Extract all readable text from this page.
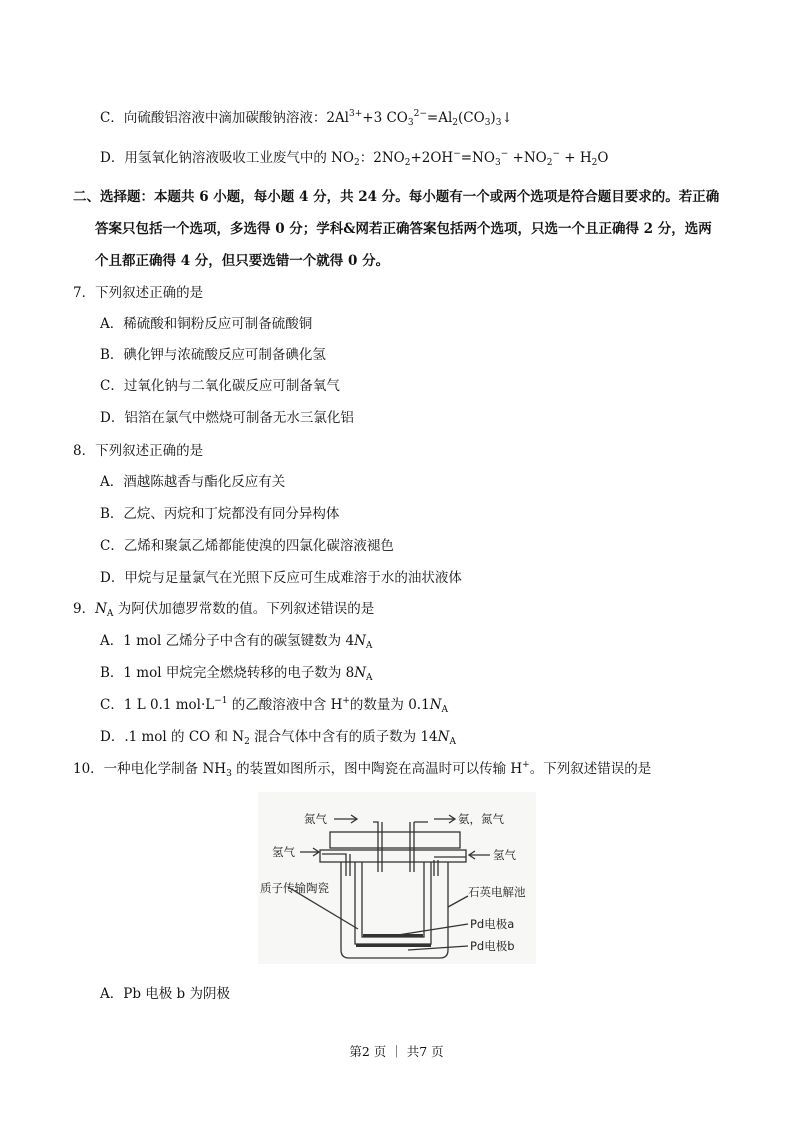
C．向硫酸铝溶液中滴加碳酸钠溶液：$2Al^{3+}+3$ $CO_3^{2-}=Al_2(CO_3)_3↓$
D．用氢氧化钠溶液吸收工业废气中的 $NO_2$：$2NO_2+2OH^-=NO_3^- +NO_2^- + H_2O$
二、选择题：本题共 6 小题，每小题 4 分，共 24 分。每小题有一个或两个选项是符合题目要求的。若正确
答案只包括一个选项，多选得 0 分；学科&网若正确答案包括两个选项，只选一个且正确得 2 分，选两
个且都正确得 4 分，但只要选错一个就得 0 分。
7．下列叙述正确的是
A．稀硫酸和铜粉反应可制备硫酸铜
B．碘化钾与浓硫酸反应可制备碘化氢
C．过氧化钠与二氧化碳反应可制备氧气
D．铝箔在氯气中燃烧可制备无水三氯化铝
8．下列叙述正确的是
A．酒越陈越香与酯化反应有关
B．乙烷、丙烷和丁烷都没有同分异构体
C．乙烯和聚氯乙烯都能使溴的四氯化碳溶液褪色
D．甲烷与足量氯气在光照下反应可生成难溶于水的油状液体
9．$N_A$ 为阿伏加德罗常数的值。下列叙述错误的是
A．1 mol 乙烯分子中含有的碳氢键数为 $4N_A$
B．1 mol 甲烷完全燃烧转移的电子数为 $8N_A$
C．1 L 0.1 $mol\cdot L^{-1}$ 的乙酸溶液中含 H+的数量为 $0.1N_A$
D．.1 mol 的 CO 和 $N_2$ 混合气体中含有的质子数为 $14N_A$
10．一种电化学制备 $NH_3$ 的装置如图所示，图中陶瓷在高温时可以传输 H+。下列叙述错误的是
A．Pb 电极 b 为阴极
氮气	氨，氮气
氢气	氢气
质子传输陶瓷	石英电解池
Pd电极a
Pd电极b
第2 页 ｜ 共7 页
